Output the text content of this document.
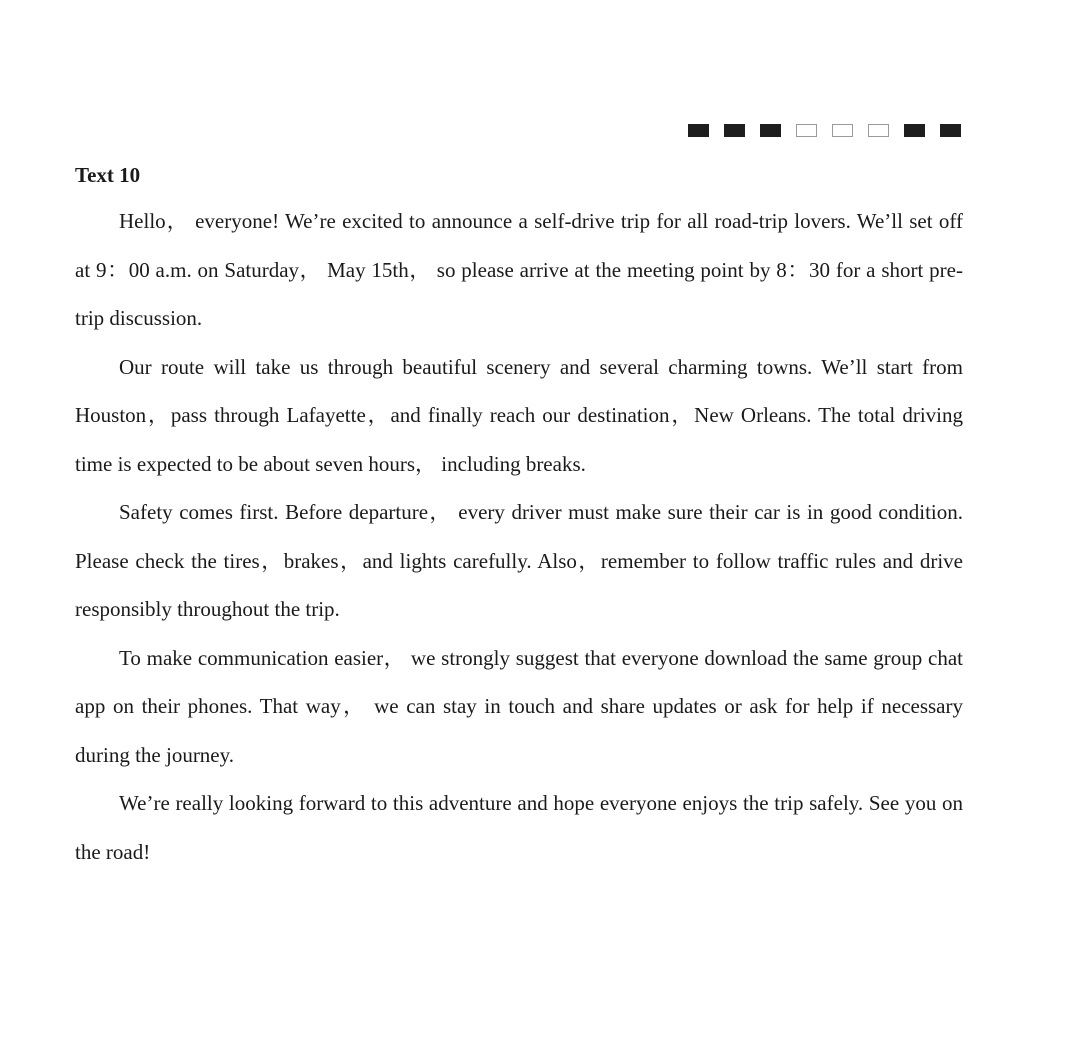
Text 10

Hello， everyone! We’re excited to announce a self-drive trip for all road-trip lovers. We’ll set off at 9：00 a.m. on Saturday， May 15th， so please arrive at the meeting point by 8：30 for a short pre-trip discussion.

Our route will take us through beautiful scenery and several charming towns. We’ll start from Houston，pass through Lafayette，and finally reach our destination，New Orleans. The total driving time is expected to be about seven hours， including breaks.

Safety comes first. Before departure， every driver must make sure their car is in good condition. Please check the tires，brakes，and lights carefully. Also，remember to follow traffic rules and drive responsibly throughout the trip.

To make communication easier， we strongly suggest that everyone download the same group chat app on their phones. That way， we can stay in touch and share updates or ask for help if necessary during the journey.

We’re really looking forward to this adventure and hope everyone enjoys the trip safely. See you on the road!
